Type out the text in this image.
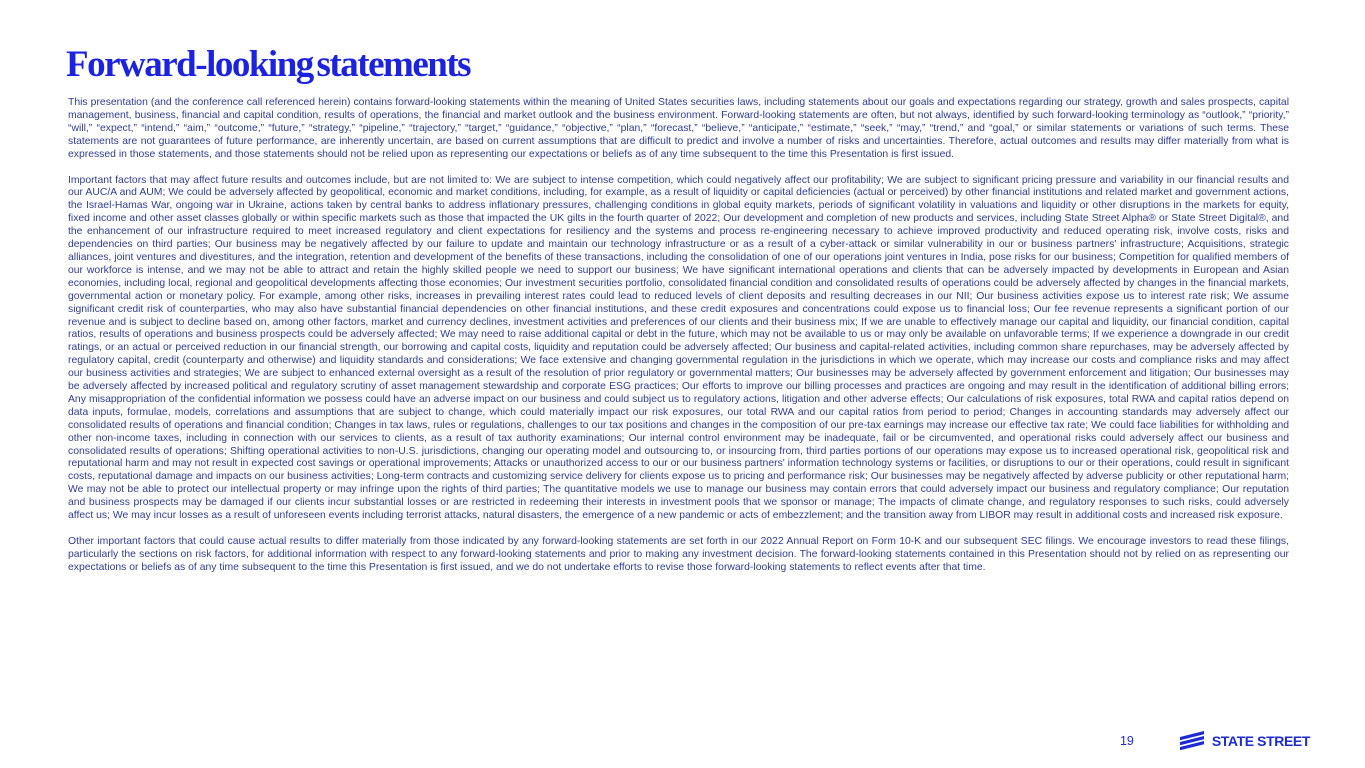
Forward-looking statements

This presentation (and the conference call referenced herein) contains forward-looking statements within the meaning of United States securities laws, including statements about our goals and expectations regarding our strategy, growth and sales prospects, capital management, business, financial and capital condition, results of operations, the financial and market outlook and the business environment. Forward-looking statements are often, but not always, identified by such forward-looking terminology as “outlook,” “priority,” “will,” “expect,” “intend,” “aim,” “outcome,” “future,” “strategy,” “pipeline,” “trajectory,” “target,” “guidance,” “objective,” “plan,” “forecast,” “believe,” “anticipate,” “estimate,” “seek,” “may,” “trend,” and “goal,” or similar statements or variations of such terms. These statements are not guarantees of future performance, are inherently uncertain, are based on current assumptions that are difficult to predict and involve a number of risks and uncertainties. Therefore, actual outcomes and results may differ materially from what is expressed in those statements, and those statements should not be relied upon as representing our expectations or beliefs as of any time subsequent to the time this Presentation is first issued.

Important factors that may affect future results and outcomes include, but are not limited to: We are subject to intense competition, which could negatively affect our profitability; We are subject to significant pricing pressure and variability in our financial results and our AUC/A and AUM; We could be adversely affected by geopolitical, economic and market conditions, including, for example, as a result of liquidity or capital deficiencies (actual or perceived) by other financial institutions and related market and government actions, the Israel-Hamas War, ongoing war in Ukraine, actions taken by central banks to address inflationary pressures, challenging conditions in global equity markets, periods of significant volatility in valuations and liquidity or other disruptions in the markets for equity, fixed income and other asset classes globally or within specific markets such as those that impacted the UK gilts in the fourth quarter of 2022; Our development and completion of new products and services, including State Street Alpha® or State Street Digital®, and the enhancement of our infrastructure required to meet increased regulatory and client expectations for resiliency and the systems and process re-engineering necessary to achieve improved productivity and reduced operating risk, involve costs, risks and dependencies on third parties; Our business may be negatively affected by our failure to update and maintain our technology infrastructure or as a result of a cyber-attack or similar vulnerability in our or business partners' infrastructure; Acquisitions, strategic alliances, joint ventures and divestitures, and the integration, retention and development of the benefits of these transactions, including the consolidation of one of our operations joint ventures in India, pose risks for our business; Competition for qualified members of our workforce is intense, and we may not be able to attract and retain the highly skilled people we need to support our business; We have significant international operations and clients that can be adversely impacted by developments in European and Asian economies, including local, regional and geopolitical developments affecting those economies; Our investment securities portfolio, consolidated financial condition and consolidated results of operations could be adversely affected by changes in the financial markets, governmental action or monetary policy. For example, among other risks, increases in prevailing interest rates could lead to reduced levels of client deposits and resulting decreases in our NII; Our business activities expose us to interest rate risk; We assume significant credit risk of counterparties, who may also have substantial financial dependencies on other financial institutions, and these credit exposures and concentrations could expose us to financial loss; Our fee revenue represents a significant portion of our revenue and is subject to decline based on, among other factors, market and currency declines, investment activities and preferences of our clients and their business mix; If we are unable to effectively manage our capital and liquidity, our financial condition, capital ratios, results of operations and business prospects could be adversely affected; We may need to raise additional capital or debt in the future, which may not be available to us or may only be available on unfavorable terms; If we experience a downgrade in our credit ratings, or an actual or perceived reduction in our financial strength, our borrowing and capital costs, liquidity and reputation could be adversely affected; Our business and capital-related activities, including common share repurchases, may be adversely affected by regulatory capital, credit (counterparty and otherwise) and liquidity standards and considerations; We face extensive and changing governmental regulation in the jurisdictions in which we operate, which may increase our costs and compliance risks and may affect our business activities and strategies; We are subject to enhanced external oversight as a result of the resolution of prior regulatory or governmental matters; Our businesses may be adversely affected by government enforcement and litigation; Our businesses may be adversely affected by increased political and regulatory scrutiny of asset management stewardship and corporate ESG practices; Our efforts to improve our billing processes and practices are ongoing and may result in the identification of additional billing errors; Any misappropriation of the confidential information we possess could have an adverse impact on our business and could subject us to regulatory actions, litigation and other adverse effects; Our calculations of risk exposures, total RWA and capital ratios depend on data inputs, formulae, models, correlations and assumptions that are subject to change, which could materially impact our risk exposures, our total RWA and our capital ratios from period to period; Changes in accounting standards may adversely affect our consolidated results of operations and financial condition; Changes in tax laws, rules or regulations, challenges to our tax positions and changes in the composition of our pre-tax earnings may increase our effective tax rate; We could face liabilities for withholding and other non-income taxes, including in connection with our services to clients, as a result of tax authority examinations; Our internal control environment may be inadequate, fail or be circumvented, and operational risks could adversely affect our business and consolidated results of operations; Shifting operational activities to non-U.S. jurisdictions, changing our operating model and outsourcing to, or insourcing from, third parties portions of our operations may expose us to increased operational risk, geopolitical risk and reputational harm and may not result in expected cost savings or operational improvements; Attacks or unauthorized access to our or our business partners' information technology systems or facilities, or disruptions to our or their operations, could result in significant costs, reputational damage and impacts on our business activities; Long-term contracts and customizing service delivery for clients expose us to pricing and performance risk; Our businesses may be negatively affected by adverse publicity or other reputational harm; We may not be able to protect our intellectual property or may infringe upon the rights of third parties; The quantitative models we use to manage our business may contain errors that could adversely impact our business and regulatory compliance; Our reputation and business prospects may be damaged if our clients incur substantial losses or are restricted in redeeming their interests in investment pools that we sponsor or manage; The impacts of climate change, and regulatory responses to such risks, could adversely affect us; We may incur losses as a result of unforeseen events including terrorist attacks, natural disasters, the emergence of a new pandemic or acts of embezzlement; and the transition away from LIBOR may result in additional costs and increased risk exposure.

Other important factors that could cause actual results to differ materially from those indicated by any forward-looking statements are set forth in our 2022 Annual Report on Form 10-K and our subsequent SEC filings. We encourage investors to read these filings, particularly the sections on risk factors, for additional information with respect to any forward-looking statements and prior to making any investment decision. The forward-looking statements contained in this Presentation should not by relied on as representing our expectations or beliefs as of any time subsequent to the time this Presentation is first issued, and we do not undertake efforts to revise those forward-looking statements to reflect events after that time.

19	STATE STREET
